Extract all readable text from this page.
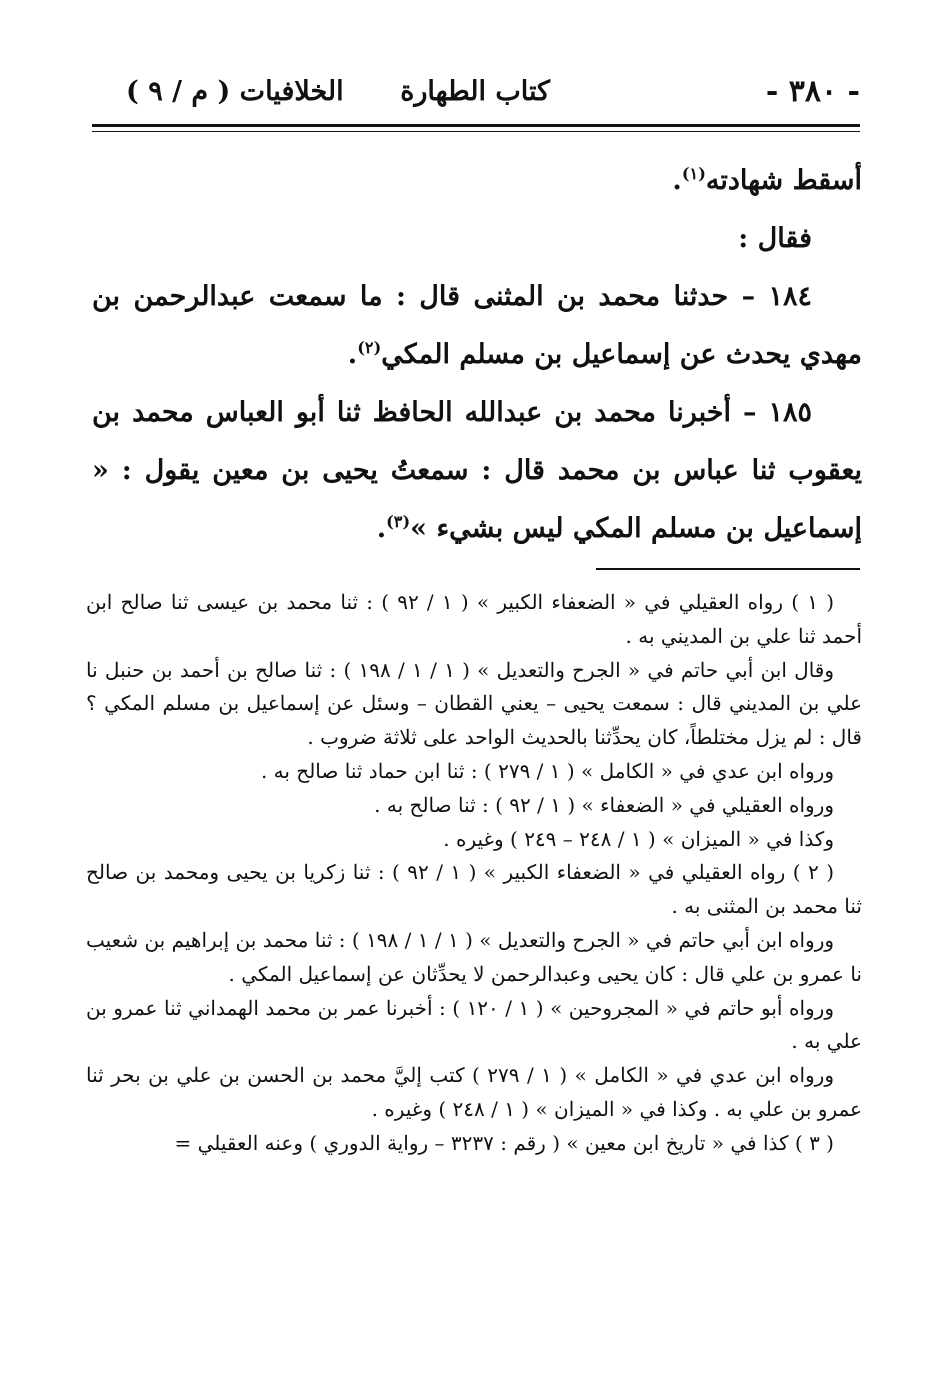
- ٣٨٠ -
كتاب الطهارة
الخلافيات ( م / ٩ )

أسقط شهادته$^{(١)}$.

فقال :

١٨٤ – حدثنا محمد بن المثنى قال : ما سمعت عبدالرحمن بن مهدي يحدث عن إسماعيل بن مسلم المكي$^{(٢)}$.

١٨٥ – أخبرنا محمد بن عبدالله الحافظ ثنا أبو العباس محمد بن يعقوب ثنا عباس بن محمد قال : سمعتُ يحيى بن معين يقول : « إسماعيل بن مسلم المكي ليس بشيء »$^{(٣)}$.

( ١ ) رواه العقيلي في « الضعفاء الكبير » ( ١ / ٩٢ ) : ثنا محمد بن عيسى ثنا صالح ابن أحمد ثنا علي بن المديني به .

وقال ابن أبي حاتم في « الجرح والتعديل » ( ١ / ١ / ١٩٨ ) : ثنا صالح بن أحمد بن حنبل نا علي بن المديني قال : سمعت يحيى – يعني القطان – وسئل عن إسماعيل بن مسلم المكي ؟ قال : لم يزل مختلطاً، كان يحدِّثنا بالحديث الواحد على ثلاثة ضروب .

ورواه ابن عدي في « الكامل » ( ١ / ٢٧٩ ) : ثنا ابن حماد ثنا صالح به .

ورواه العقيلي في « الضعفاء » ( ١ / ٩٢ ) : ثنا صالح به .

وكذا في « الميزان » ( ١ / ٢٤٨ – ٢٤٩ ) وغيره .

( ٢ ) رواه العقيلي في « الضعفاء الكبير » ( ١ / ٩٢ ) : ثنا زكريا بن يحيى ومحمد بن صالح ثنا محمد بن المثنى به .

ورواه ابن أبي حاتم في « الجرح والتعديل » ( ١ / ١ / ١٩٨ ) : ثنا محمد بن إبراهيم بن شعيب نا عمرو بن علي قال : كان يحيى وعبدالرحمن لا يحدِّثان عن إسماعيل المكي .

ورواه أبو حاتم في « المجروحين » ( ١ / ١٢٠ ) : أخبرنا عمر بن محمد الهمداني ثنا عمرو بن علي به .

ورواه ابن عدي في « الكامل » ( ١ / ٢٧٩ ) كتب إليَّ محمد بن الحسن بن علي بن بحر ثنا عمرو بن علي به . وكذا في « الميزان » ( ١ / ٢٤٨ ) وغيره .

( ٣ ) كذا في « تاريخ ابن معين » ( رقم : ٣٢٣٧ – رواية الدوري ) وعنه العقيلي =
